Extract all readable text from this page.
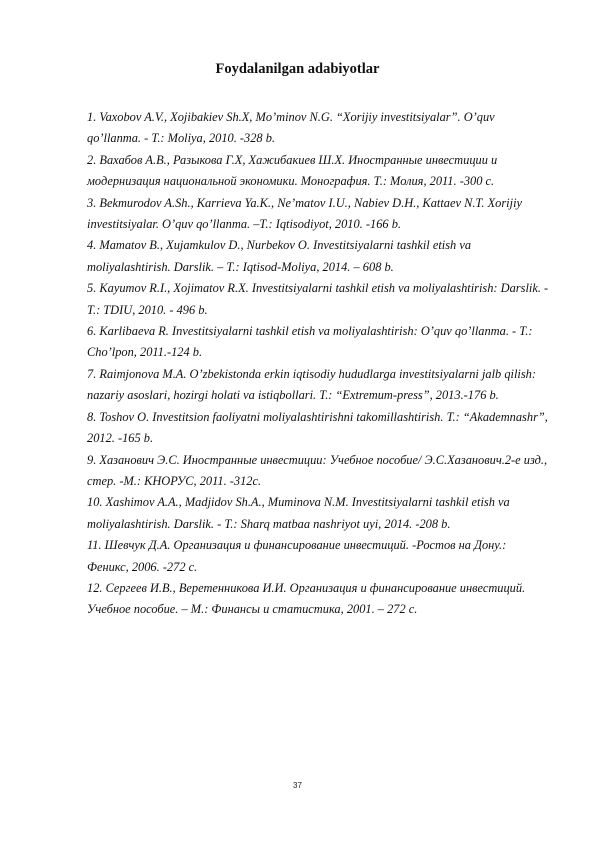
Foydalanilgan adabiyotlar

1. Vaxobov A.V., Xojibakiev Sh.X, Mo’minov N.G. “Xorijiy investitsiyalar”. O’quv qo’llanma. - T.: Moliya, 2010. -328 b.

2. Вахабов А.В., Разыкова Г.Х, Хажибакиев Ш.Х. Иностранные инвестиции и модернизация национальной экономики. Монография. Т.: Молия, 2011. -300 с.

3. Bekmurodov A.Sh., Karrieva Ya.K., Ne’matov I.U., Nabiev D.H., Kattaev N.T. Xorijiy investitsiyalar. O’quv qo’llanma. –T.: Iqtisodiyot, 2010. -166 b.

4. Mamatov B., Xujamkulov D., Nurbekov O. Investitsiyalarni tashkil etish va moliyalashtirish. Darslik. – T.: Iqtisod-Moliya, 2014. – 608 b.

5. Kayumov R.I., Xojimatov R.X. Investitsiyalarni tashkil etish va moliyalashtirish: Darslik. - T.: TDIU, 2010. - 496 b.

6. Karlibaeva R. Investitsiyalarni tashkil etish va moliyalashtirish: O’quv qo’llanma. - T.: Cho’lpon, 2011.-124 b.

7. Raimjonova M.A. O’zbekistonda erkin iqtisodiy hududlarga investitsiyalarni jalb qilish: nazariy asoslari, hozirgi holati va istiqbollari. T.: “Extremum-press”, 2013.-176 b.

8. Toshov O. Investitsion faoliyatni moliyalashtirishni takomillashtirish. T.: “Akademnashr”, 2012. -165 b.

9. Хазанович Э.С. Иностранные инвестиции: Учебное пособие/ Э.С.Хазанович.2-е изд., стер. -М.: КНОРУС, 2011. -312с.

10. Xashimov A.A., Madjidov Sh.A., Muminova N.M. Investitsiyalarni tashkil etish va moliyalashtirish. Darslik. - T.: Sharq matbaa nashriyot uyi, 2014. -208 b.

11. Шевчук Д.А. Организация и финансирование инвестиций. -Ростов на Дону.: Феникс, 2006. -272 с.

12. Сергеев И.В., Веретенникова И.И. Организация и финансирование инвестиций. Учебное пособие. – М.: Финансы и статистика, 2001. – 272 с.

37
